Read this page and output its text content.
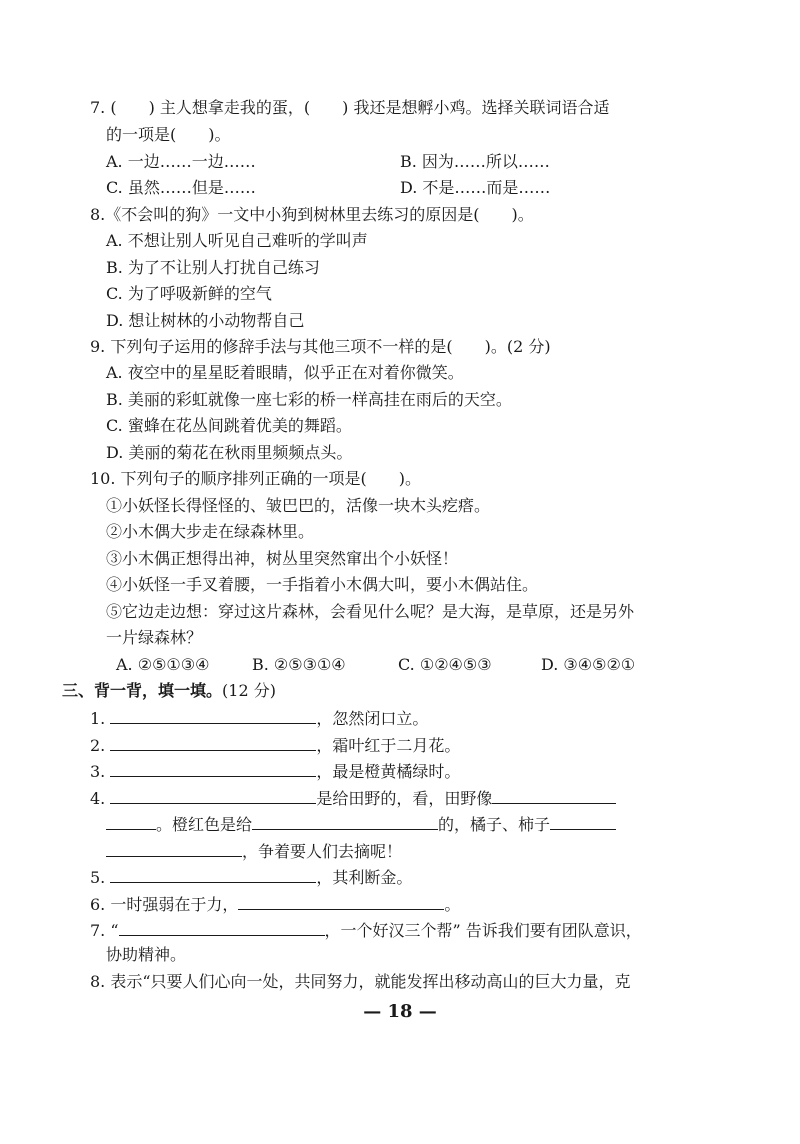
7. (　　) 主人想拿走我的蛋，(　　) 我还是想孵小鸡。选择关联词语合适
的一项是(　　)。
A. 一边……一边……	B. 因为……所以……
C. 虽然……但是……	D. 不是……而是……
8.《不会叫的狗》一文中小狗到树林里去练习的原因是(　　)。
A. 不想让别人听见自己难听的学叫声
B. 为了不让别人打扰自己练习
C. 为了呼吸新鲜的空气
D. 想让树林的小动物帮自己
9. 下列句子运用的修辞手法与其他三项不一样的是(　　)。(2 分)
A. 夜空中的星星眨着眼睛，似乎正在对着你微笑。
B. 美丽的彩虹就像一座七彩的桥一样高挂在雨后的天空。
C. 蜜蜂在花丛间跳着优美的舞蹈。
D. 美丽的菊花在秋雨里频频点头。
10. 下列句子的顺序排列正确的一项是(　　)。
①小妖怪长得怪怪的、皱巴巴的，活像一块木头疙瘩。
②小木偶大步走在绿森林里。
③小木偶正想得出神，树丛里突然窜出个小妖怪！
④小妖怪一手叉着腰，一手指着小木偶大叫，要小木偶站住。
⑤它边走边想：穿过这片森林，会看见什么呢？是大海，是草原，还是另外
一片绿森林？
A. ②⑤①③④	B. ②⑤③①④	C. ①②④⑤③	D. ③④⑤②①
三、背一背，填一填。(12 分)
1.	，忽然闭口立。
2.	，霜叶红于二月花。
3.	，最是橙黄橘绿时。
4.	是给田野的，看，田野像
。橙红色是给	的，橘子、柿子
，争着要人们去摘呢！
5.	，其利断金。
6. 一时强弱在于力，	。
7. “	，一个好汉三个帮” 告诉我们要有团队意识，
协助精神。
8. 表示“只要人们心向一处，共同努力，就能发挥出移动高山的巨大力量，克
— 18 —
